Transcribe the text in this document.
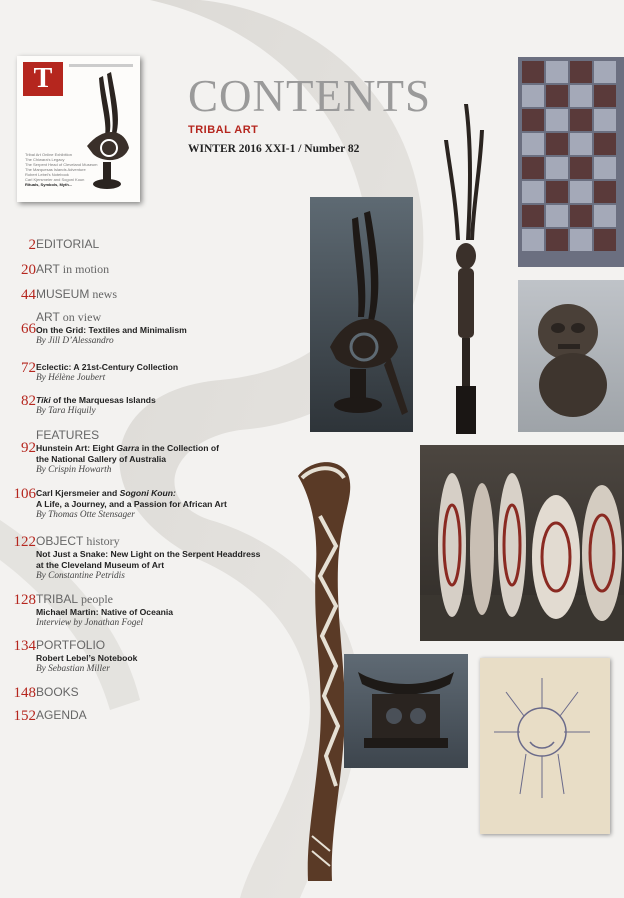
T
Tribal Art Online Exhibition
The Chiwara's Legacy
The Serpent Head of Cleveland Museum
The Marquesas Islands Adventure
Robert Lebel's Notebook
Carl Kjersmeier and Sogoni Koun
Rituals, Symbols, Myth...
CONTENTS
TRIBAL ART
WINTER 2016 XXI-1 / Number 82
2 EDITORIAL
20 ART in motion
44 MUSEUM news
66
ART on view
On the Grid: Textiles and Minimalism
By Jill D’Alessandro
72 Eclectic: A 21st-Century Collection
By Hélène Joubert
82 Tiki of the Marquesas Islands
By Tara Hiquily
92
FEATURES
Hunstein Art: Eight Garra in the Collection of
the National Gallery of Australia
By Crispin Howarth
106 Carl Kjersmeier and Sogoni Koun:
A Life, a Journey, and a Passion for African Art
By Thomas Otte Stensager
122 OBJECT history
Not Just a Snake: New Light on the Serpent Headdress
at the Cleveland Museum of Art
By Constantine Petridis
128 TRIBAL people
Michael Martin: Native of Oceania
Interview by Jonathan Fogel
134 PORTFOLIO
Robert Lebel’s Notebook
By Sebastian Miller
148 BOOKS
152 AGENDA
